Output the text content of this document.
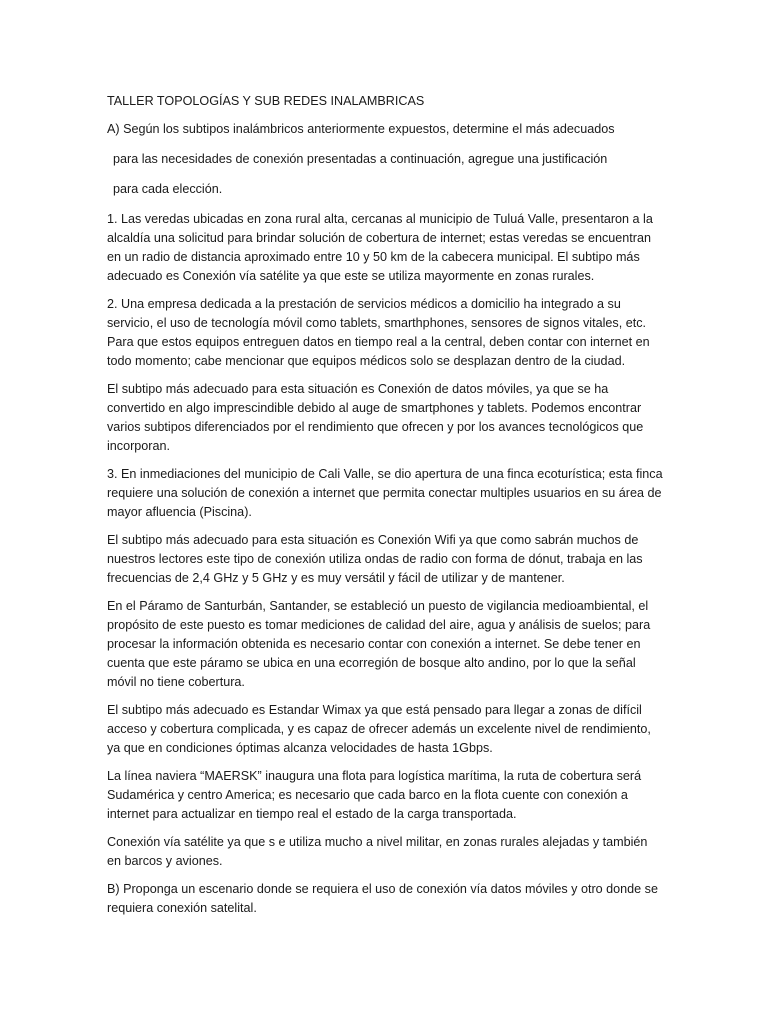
TALLER TOPOLOGÍAS Y SUB REDES INALAMBRICAS

A) Según los subtipos inalámbricos anteriormente expuestos, determine el más adecuados

para las necesidades de conexión presentadas a continuación, agregue una justificación

para cada elección.

1. Las veredas ubicadas en zona rural alta, cercanas al municipio de Tuluá Valle, presentaron a la alcaldía una solicitud para brindar solución de cobertura de internet; estas veredas se encuentran en un radio de distancia aproximado entre 10 y 50 km de la cabecera municipal. El subtipo más adecuado es Conexión vía satélite ya que este se utiliza mayormente en zonas rurales.

2. Una empresa dedicada a la prestación de servicios médicos a domicilio ha integrado a su servicio, el uso de tecnología móvil como tablets, smarthphones, sensores de signos vitales, etc. Para que estos equipos entreguen datos en tiempo real a la central, deben contar con internet en todo momento; cabe mencionar que equipos médicos solo se desplazan dentro de la ciudad.

El subtipo más adecuado para esta situación es Conexión de datos móviles, ya que se ha convertido en algo imprescindible debido al auge de smartphones y tablets. Podemos encontrar varios subtipos diferenciados por el rendimiento que ofrecen y por los avances tecnológicos que incorporan.

3. En inmediaciones del municipio de Cali Valle, se dio apertura de una finca ecoturística; esta finca requiere una solución de conexión a internet que permita conectar multiples usuarios en su área de mayor afluencia (Piscina).

El subtipo más adecuado para esta situación es Conexión Wifi ya que como sabrán muchos de nuestros lectores este tipo de conexión utiliza ondas de radio con forma de dónut, trabaja en las frecuencias de 2,4 GHz y 5 GHz y es muy versátil y fácil de utilizar y de mantener.

En el Páramo de Santurbán, Santander, se estableció un puesto de vigilancia medioambiental, el propósito de este puesto es tomar mediciones de calidad del aire, agua y análisis de suelos; para procesar la información obtenida es necesario contar con conexión a internet. Se debe tener en cuenta que este páramo se ubica en una ecorregión de bosque alto andino, por lo que la señal móvil no tiene cobertura.

El subtipo más adecuado es Estandar Wimax ya que está pensado para llegar a zonas de difícil acceso y cobertura complicada, y es capaz de ofrecer además un excelente nivel de rendimiento, ya que en condiciones óptimas alcanza velocidades de hasta 1Gbps.

La línea naviera “MAERSK” inaugura una flota para logística marítima, la ruta de cobertura será Sudamérica y centro America; es necesario que cada barco en la flota cuente con conexión a internet para actualizar en tiempo real el estado de la carga transportada.

Conexión vía satélite ya que s e utiliza mucho a nivel militar, en zonas rurales alejadas y también en barcos y aviones.

B) Proponga un escenario donde se requiera el uso de conexión vía datos móviles y otro donde se requiera conexión satelital.
